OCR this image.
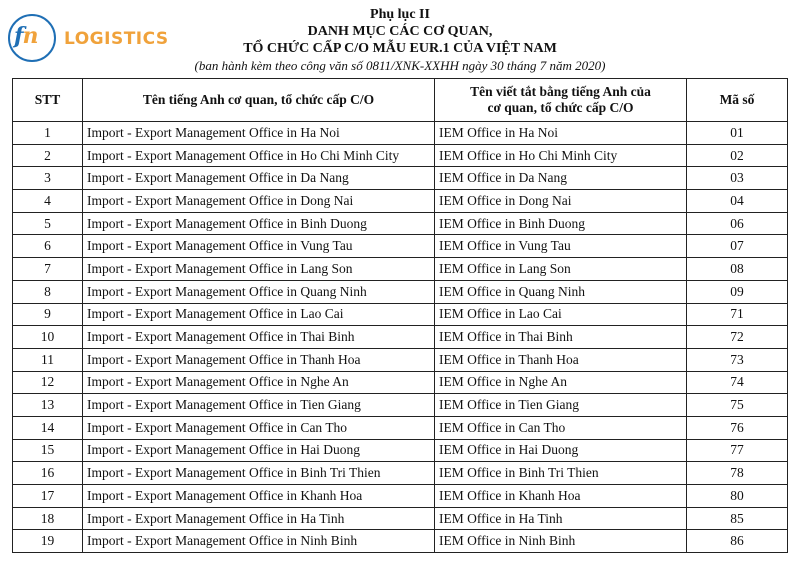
fn LOGISTICS
Phụ lục II
DANH MỤC CÁC CƠ QUAN,
TỔ CHỨC CẤP C/O MẪU EUR.1 CỦA VIỆT NAM
(ban hành kèm theo công văn số 0811/XNK-XXHH ngày 30 tháng 7 năm 2020)
STT	Tên tiếng Anh cơ quan, tổ chức cấp C/O	Tên viết tắt bằng tiếng Anh của
cơ quan, tổ chức cấp C/O	Mã số
1	Import - Export Management Office in Ha Noi	IEM Office in Ha Noi	01
2	Import - Export Management Office in Ho Chi Minh City	IEM Office in Ho Chi Minh City	02
3	Import - Export Management Office in Da Nang	IEM Office in Da Nang	03
4	Import - Export Management Office in Dong Nai	IEM Office in Dong Nai	04
5	Import - Export Management Office in Binh Duong	IEM Office in Binh Duong	06
6	Import - Export Management Office in Vung Tau	IEM Office in Vung Tau	07
7	Import - Export Management Office in Lang Son	IEM Office in Lang Son	08
8	Import - Export Management Office in Quang Ninh	IEM Office in Quang Ninh	09
9	Import - Export Management Office in Lao Cai	IEM Office in Lao Cai	71
10	Import - Export Management Office in Thai Binh	IEM Office in Thai Binh	72
11	Import - Export Management Office in Thanh Hoa	IEM Office in Thanh Hoa	73
12	Import - Export Management Office in Nghe An	IEM Office in Nghe An	74
13	Import - Export Management Office in Tien Giang	IEM Office in Tien Giang	75
14	Import - Export Management Office in Can Tho	IEM Office in Can Tho	76
15	Import - Export Management Office in Hai Duong	IEM Office in Hai Duong	77
16	Import - Export Management Office in Binh Tri Thien	IEM Office in Binh Tri Thien	78
17	Import - Export Management Office in Khanh Hoa	IEM Office in Khanh Hoa	80
18	Import - Export Management Office in Ha Tinh	IEM Office in Ha Tinh	85
19	Import - Export Management Office in Ninh Binh	IEM Office in Ninh Binh	86
